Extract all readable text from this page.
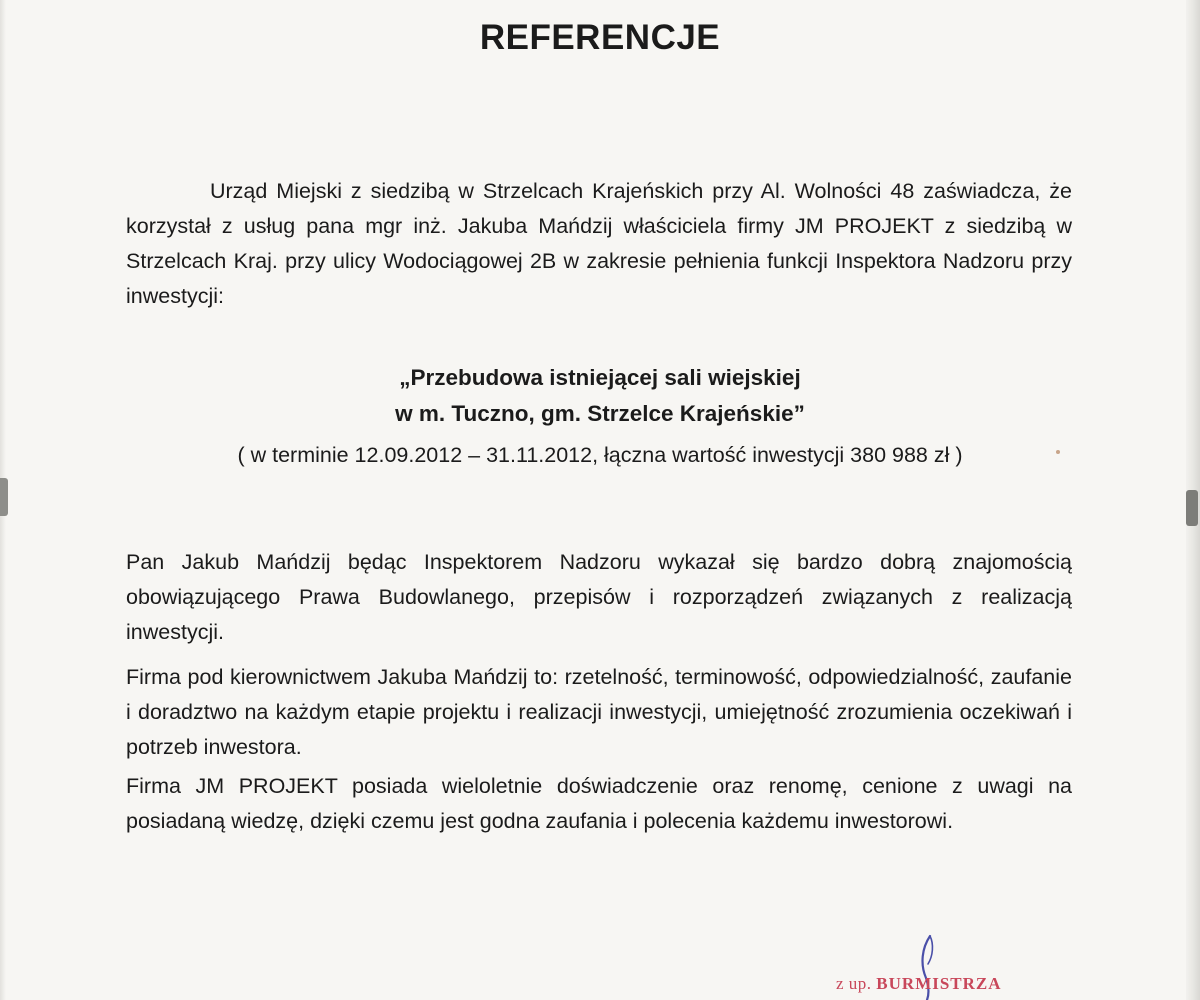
REFERENCJE

Urząd Miejski z siedzibą w Strzelcach Krajeńskich przy Al. Wolności 48 zaświadcza, że korzystał z usług pana mgr inż. Jakuba Mańdzij właściciela firmy JM PROJEKT z siedzibą w Strzelcach Kraj. przy ulicy Wodociągowej 2B w zakresie pełnienia funkcji Inspektora Nadzoru przy inwestycji:

„Przebudowa istniejącej sali wiejskiej

w m. Tuczno, gm. Strzelce Krajeńskie”

( w terminie 12.09.2012 – 31.11.2012, łączna wartość inwestycji 380 988 zł )

Pan Jakub Mańdzij będąc Inspektorem Nadzoru wykazał się bardzo dobrą znajomością obowiązującego Prawa Budowlanego, przepisów i rozporządzeń związanych z realizacją inwestycji.

Firma pod kierownictwem Jakuba Mańdzij to: rzetelność, terminowość, odpowiedzialność, zaufanie i doradztwo na każdym etapie projektu i realizacji inwestycji, umiejętność zrozumienia oczekiwań i potrzeb inwestora.

Firma JM PROJEKT posiada wieloletnie doświadczenie oraz renomę, cenione z uwagi na posiadaną wiedzę, dzięki czemu jest godna zaufania i polecenia każdemu inwestorowi.

z up. BURMISTRZA
